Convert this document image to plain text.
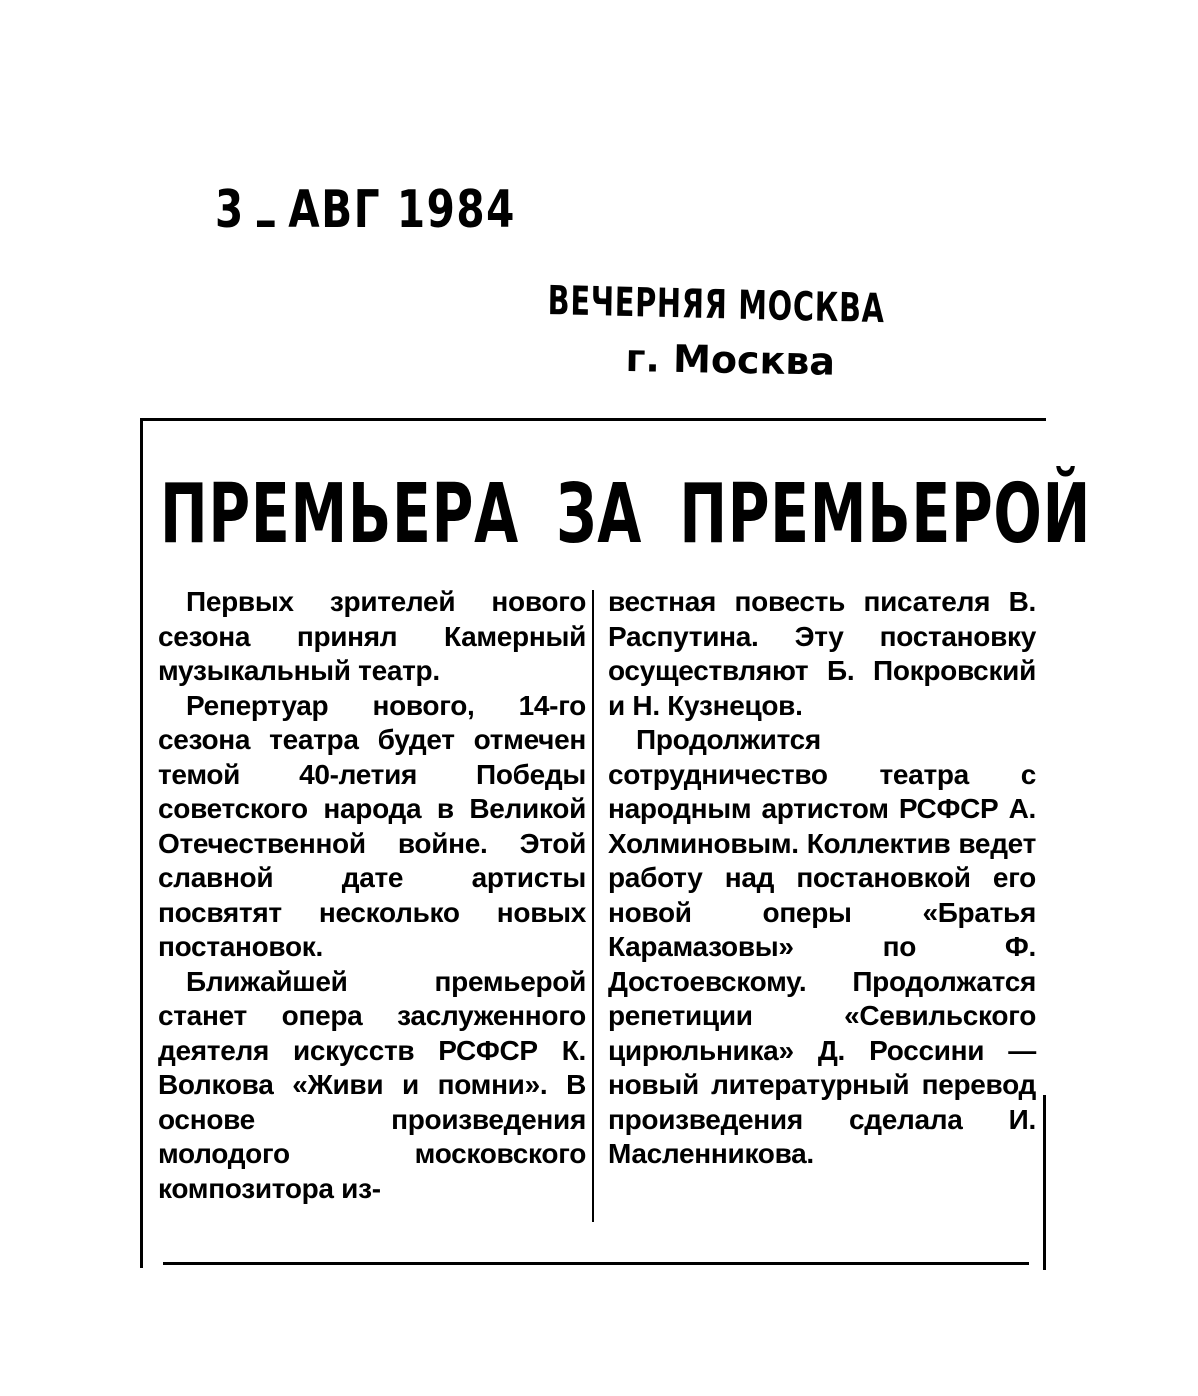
ߺ 3 АВГ 1984
ВЕЧЕРНЯЯ МОСКВА
г. Москва
ПРЕМЬЕРА ЗА ПРЕМЬЕРОЙ

Первых зрителей нового сезона принял Камерный музыкальный театр.

Репертуар нового, 14-го сезона театра будет отмечен темой 40-летия Победы советского народа в Великой Отечественной войне. Этой славной дате артисты посвятят несколько новых постановок.

Ближайшей премьерой станет опера заслуженного деятеля искусств РСФСР К. Волкова «Живи и помни». В основе произведения молодого московского композитора из-

вестная повесть писателя В. Распутина. Эту постановку осуществляют Б. Покровский и Н. Кузнецов.

Продолжится сотрудничество театра с народным артистом РСФСР А. Холминовым. Коллектив ведет работу над постановкой его новой оперы «Братья Карамазовы» по Ф. Достоевскому. Продолжатся репетиции «Севильского цирюльника» Д. Россини — новый литературный перевод произведения сделала И. Масленникова.
